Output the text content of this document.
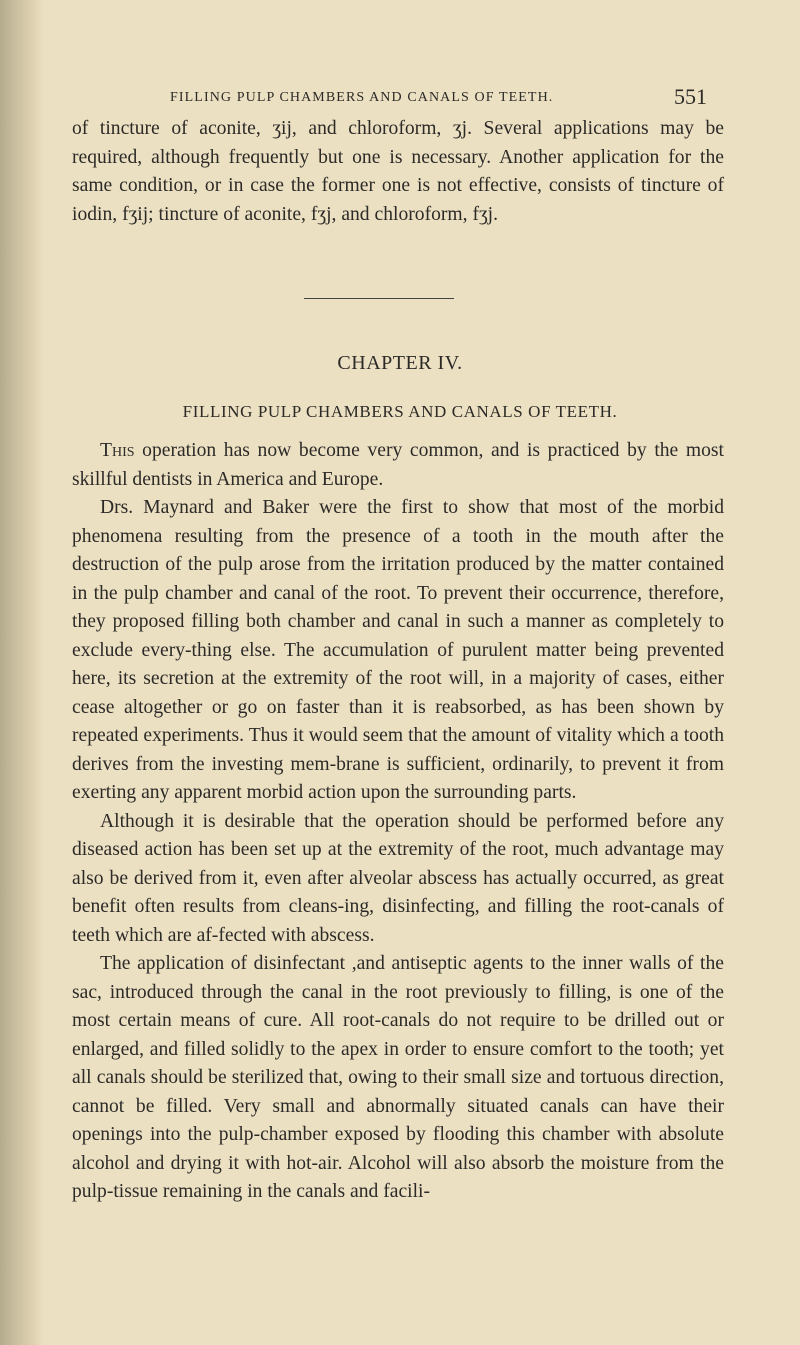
FILLING PULP CHAMBERS AND CANALS OF TEETH.	551

of tincture of aconite, ʒij, and chloroform, ʒj. Several applications may be required, although frequently but one is necessary. Another application for the same condition, or in case the former one is not effective, consists of tincture of iodin, fʒij; tincture of aconite, fʒj, and chloroform, fʒj.

CHAPTER IV.
FILLING PULP CHAMBERS AND CANALS OF TEETH.

This operation has now become very common, and is practiced by the most skillful dentists in America and Europe.

Drs. Maynard and Baker were the first to show that most of the morbid phenomena resulting from the presence of a tooth in the mouth after the destruction of the pulp arose from the irritation produced by the matter contained in the pulp chamber and canal of the root. To prevent their occurrence, therefore, they proposed filling both chamber and canal in such a manner as completely to exclude every-thing else. The accumulation of purulent matter being prevented here, its secretion at the extremity of the root will, in a majority of cases, either cease altogether or go on faster than it is reabsorbed, as has been shown by repeated experiments. Thus it would seem that the amount of vitality which a tooth derives from the investing mem-brane is sufficient, ordinarily, to prevent it from exerting any apparent morbid action upon the surrounding parts.

Although it is desirable that the operation should be performed before any diseased action has been set up at the extremity of the root, much advantage may also be derived from it, even after alveolar abscess has actually occurred, as great benefit often results from cleans-ing, disinfecting, and filling the root-canals of teeth which are af-fected with abscess.

The application of disinfectant ,and antiseptic agents to the inner walls of the sac, introduced through the canal in the root previously to filling, is one of the most certain means of cure. All root-canals do not require to be drilled out or enlarged, and filled solidly to the apex in order to ensure comfort to the tooth; yet all canals should be sterilized that, owing to their small size and tortuous direction, cannot be filled. Very small and abnormally situated canals can have their openings into the pulp-chamber exposed by flooding this chamber with absolute alcohol and drying it with hot-air. Alcohol will also absorb the moisture from the pulp-tissue remaining in the canals and facili-
